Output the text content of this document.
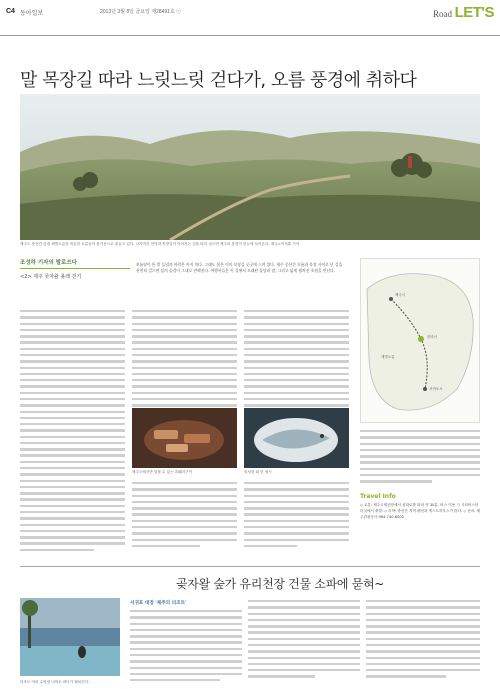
C4 동아일보	2013년 3월 8일 금요일 제28491호 ⓒ	Road LET'S
말 목장길 따라 느릿느릿 걷다가, 오름 풍경에 취하다

제주도 중산간 일대 새별오름을 비롯한 오름들이 봄기운으로 물들고 있다. 나지막한 언덕과 목장길이 이어지는 길을 따라 걸으면 제주의 풍경이 한눈에 들어온다. 제주=이지훈 기자

조성하 기자의 발로쓰다
<2> 제주 곶자왈 올레 걷기

보름달이 뜬 밤 들녘의 바람은 아직 차다. 그래도 봄은 이미 목장길 곳곳에 스며 있다. 제주 중산간 오름과 목장 사이로 난 길을 천천히 걸으면 섬의 숨결이 그대로 전해진다. 여행자들은 이 길에서 오래된 돌담과 말, 그리고 넓게 펼쳐진 초원을 만난다.

제주시
서귀포시
한라산
새별오름

제주도에서만 맛볼 수 있는 흑돼지구이	싱싱한 회 한 접시

Travel Info

◇ 교통: 제주국제공항에서 평화로를 따라 약 30분. 버스 이용 시 시외버스터미널에서 출발. ◇ 숙박: 중산간 지역 펜션과 게스트하우스가 많다. ◇ 문의: 제주관광공사 064-740-6000

곶자왈 숲가 유리천장 건물 소파에 묻혀~

리조트 야외 수영장 너머로 바다가 펼쳐진다.

서귀포 대정 '제주의 리조트'
